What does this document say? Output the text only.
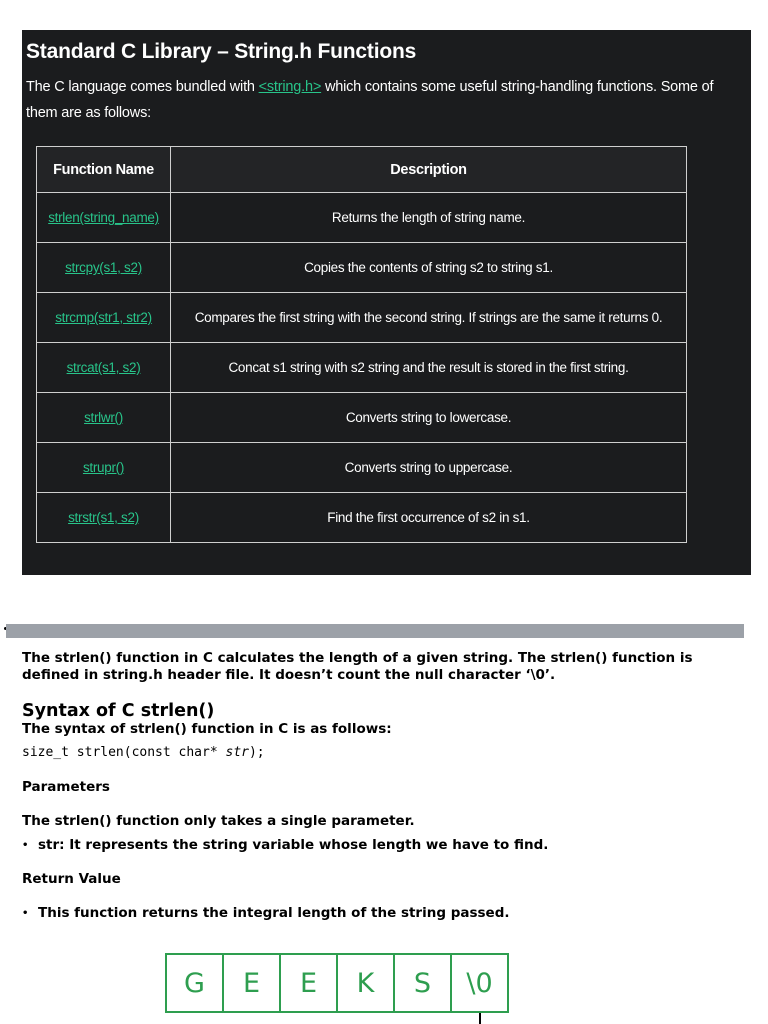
Standard C Library – String.h Functions

The C language comes bundled with <string.h> which contains some useful string-handling functions. Some of them are as follows:

Function Name	Description
strlen(string_name)	Returns the length of string name.
strcpy(s1, s2)	Copies the contents of string s2 to string s1.
strcmp(str1, str2)	Compares the first string with the second string. If strings are the same it returns 0.
strcat(s1, s2)	Concat s1 string with s2 string and the result is stored in the first string.
strlwr()	Converts string to lowercase.
strupr()	Converts string to uppercase.
strstr(s1, s2)	Find the first occurrence of s2 in s1.

The strlen() function in C calculates the length of a given string. The strlen() function is defined in string.h header file. It doesn’t count the null character ‘\0’.

Syntax of C strlen()

The syntax of strlen() function in C is as follows:

size_t strlen(const char* str);

Parameters

The strlen() function only takes a single parameter.

• str: It represents the string variable whose length we have to find.

Return Value

• This function returns the integral length of the string passed.

G	E	E	K	S	\0
